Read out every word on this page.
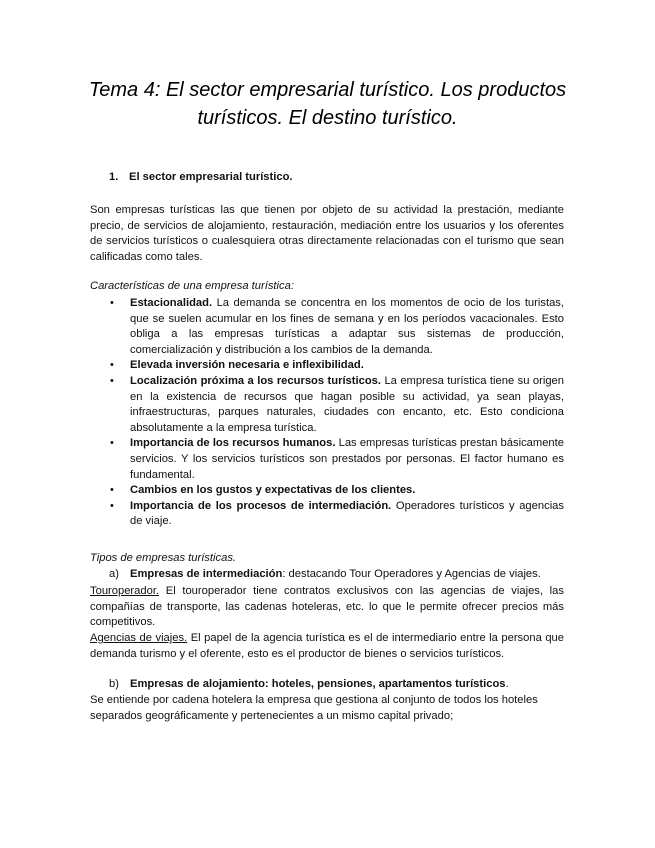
Tema 4: El sector empresarial turístico. Los productos turísticos. El destino turístico.
1. El sector empresarial turístico.

Son empresas turísticas las que tienen por objeto de su actividad la prestación, mediante precio, de servicios de alojamiento, restauración, mediación entre los usuarios y los oferentes de servicios turísticos o cualesquiera otras directamente relacionadas con el turismo que sean calificadas como tales.

Características de una empresa turística:
• Estacionalidad. La demanda se concentra en los momentos de ocio de los turistas, que se suelen acumular en los fines de semana y en los períodos vacacionales. Esto obliga a las empresas turísticas a adaptar sus sistemas de producción, comercialización y distribución a los cambios de la demanda.
• Elevada inversión necesaria e inflexibilidad.
• Localización próxima a los recursos turísticos. La empresa turística tiene su origen en la existencia de recursos que hagan posible su actividad, ya sean playas, infraestructuras, parques naturales, ciudades con encanto, etc. Esto condiciona absolutamente a la empresa turística.
• Importancia de los recursos humanos. Las empresas turísticas prestan básicamente servicios. Y los servicios turísticos son prestados por personas. El factor humano es fundamental.
• Cambios en los gustos y expectativas de los clientes.
• Importancia de los procesos de intermediación. Operadores turísticos y agencias de viaje.
Tipos de empresas turísticas.
a) Empresas de intermediación: destacando Tour Operadores y Agencias de viajes.

Touroperador. El touroperador tiene contratos exclusivos con las agencias de viajes, las compañías de transporte, las cadenas hoteleras, etc. lo que le permite ofrecer precios más competitivos.

Agencias de viajes. El papel de la agencia turística es el de intermediario entre la persona que demanda turismo y el oferente, esto es el productor de bienes o servicios turísticos.

b) Empresas de alojamiento: hoteles, pensiones, apartamentos turísticos.

Se entiende por cadena hotelera la empresa que gestiona al conjunto de todos los hoteles separados geográficamente y pertenecientes a un mismo capital privado;
